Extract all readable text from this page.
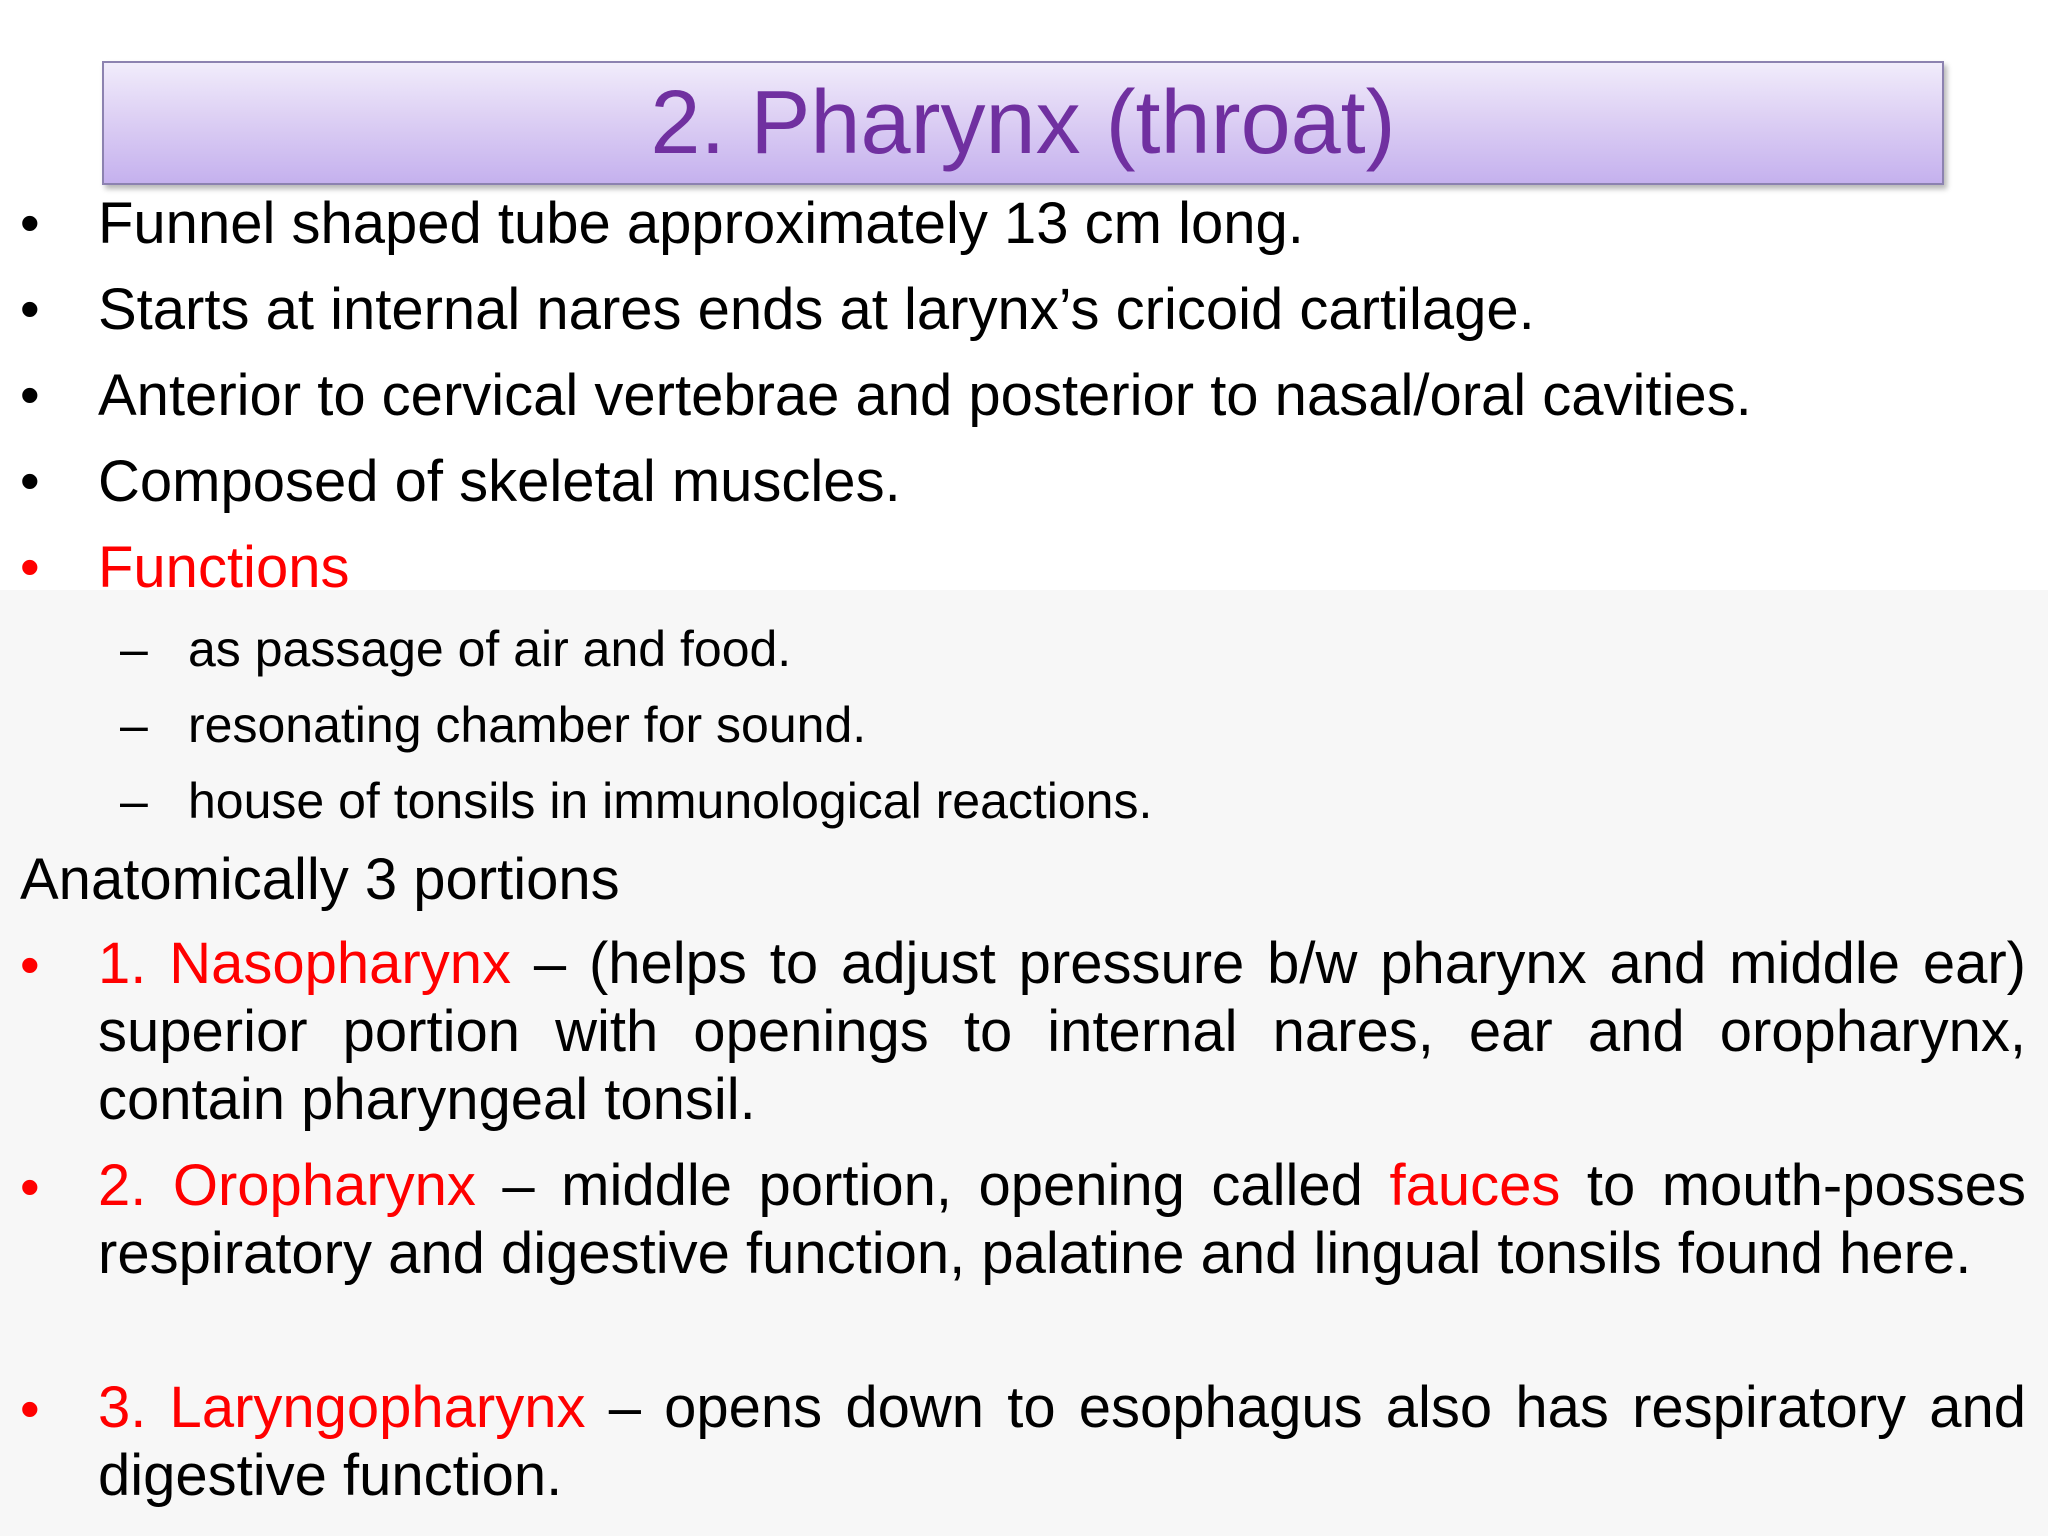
2. Pharynx (throat)
• Funnel shaped tube approximately 13 cm long.
• Starts at internal nares ends at larynx’s cricoid cartilage.
• Anterior to cervical vertebrae and posterior to nasal/oral cavities.
• Composed of skeletal muscles.
• Functions
– as passage of air and food.
– resonating chamber for sound.
– house of tonsils in immunological reactions.
Anatomically 3 portions
• 1. Nasopharynx – (helps to adjust pressure b/w pharynx and middle ear) superior portion with openings to internal nares, ear and oropharynx, contain pharyngeal tonsil.
• 2. Oropharynx – middle portion, opening called fauces to mouth-posses respiratory and digestive function, palatine and lingual tonsils found here.
• 3. Laryngopharynx – opens down to esophagus also has respiratory and digestive function.
